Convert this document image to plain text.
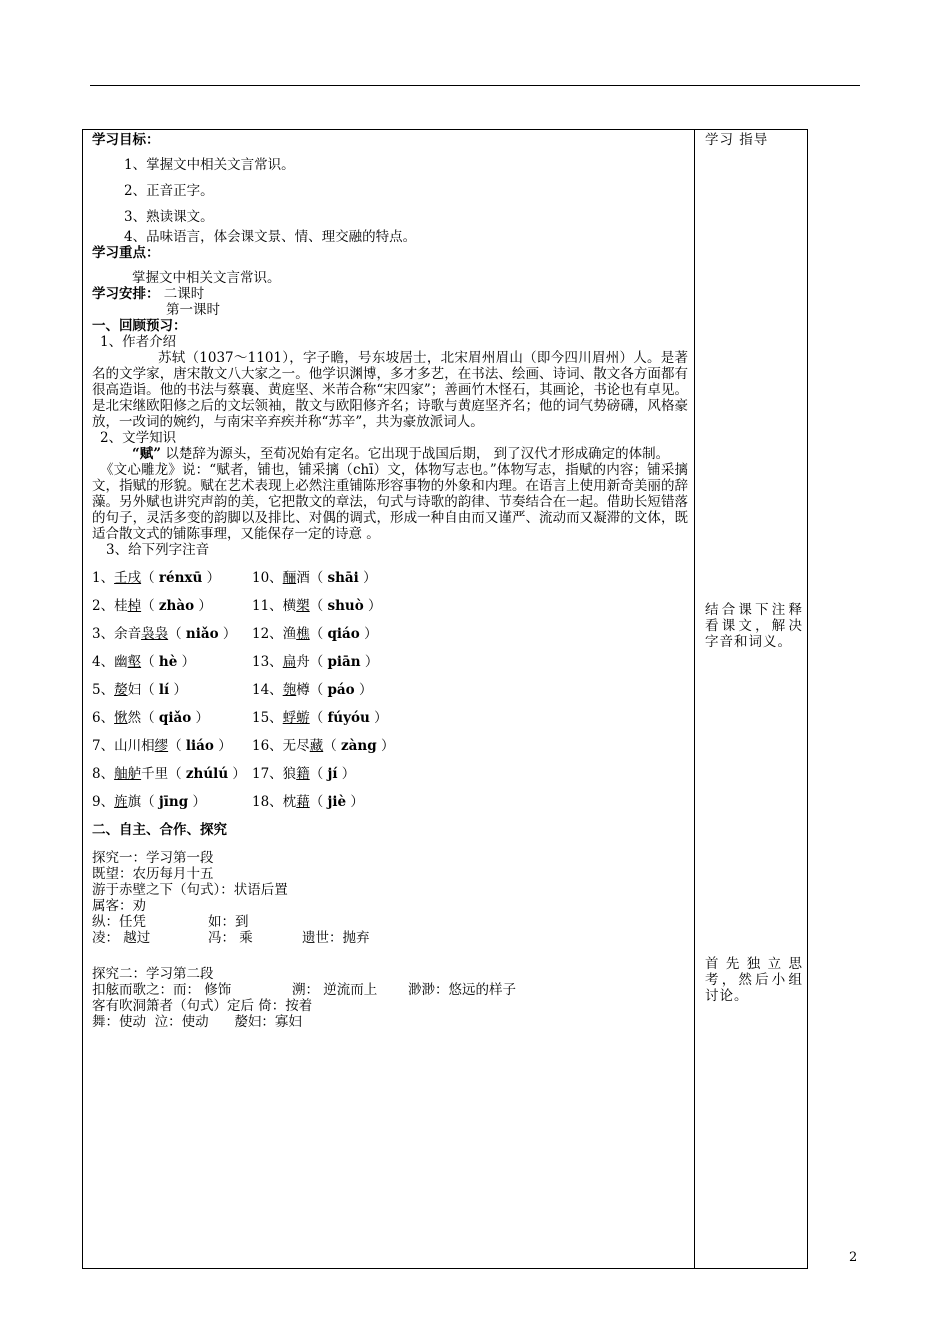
学习目标：
1、掌握文中相关文言常识。
2、正音正字。
3、熟读课文。
4、品味语言，体会课文景、情、理交融的特点。
学习重点：
掌握文中相关文言常识。
学习安排： 二课时
第一课时
一、回顾预习：
1、作者介绍
苏轼（1037～1101），字子瞻，号东坡居士，北宋眉州眉山（即今四川眉州）人。是著名的文学家，唐宋散文八大家之一。他学识渊博，多才多艺，在书法、绘画、诗词、散文各方面都有很高造诣。他的书法与蔡襄、黄庭坚、米芾合称“宋四家”；善画竹木怪石，其画论，书论也有卓见。是北宋继欧阳修之后的文坛领袖，散文与欧阳修齐名；诗歌与黄庭坚齐名；他的词气势磅礴，风格豪放，一改词的婉约，与南宋辛弃疾并称“苏辛”，共为豪放派词人。
2、文学知识
“赋” 以楚辞为源头，至荀况始有定名。它出现于战国后期， 到了汉代才形成确定的体制。
《文心雕龙》说：“赋者，铺也，铺采摛（chī）文，体物写志也。”体物写志，指赋的内容；铺采摛文，指赋的形貌。赋在艺术表现上必然注重铺陈形容事物的外象和内理。在语言上使用新奇美丽的辞藻。另外赋也讲究声韵的美，它把散文的章法，句式与诗歌的韵律、节奏结合在一起。借助长短错落的句子，灵活多变的韵脚以及排比、对偶的调式，形成一种自由而又谨严、流动而又凝滞的文体，既适合散文式的铺陈事理，又能保存一定的诗意 。
3、给下列字注音
1、壬戌（ rénxū ） 10、酾酒（ shāi ）
2、桂棹（ zhào ）	11、横槊（ shuò ）
3、余音袅袅（ niǎo ） 12、渔樵（ qiáo ）
4、幽壑（ hè ）	13、扁舟（ piān ）
5、嫠妇（ lí ）	14、匏樽（ páo ）
6、愀然（ qiǎo ）	15、蜉蝣（ fúyóu ）
7、山川相缪（ liáo ） 16、无尽藏（ zàng ）
8、舳舻千里（ zhúlú ） 17、狼籍（ jí ）
9、旌旗（ jīng ）	18、枕藉（ jiè ）
二、自主、合作、探究
探究一：学习第一段
既望：农历每月十五
游于赤壁之下（句式）：状语后置
属客：劝
纵：任凭	如：到
凌： 越过	冯： 乘	遗世：抛弃
探究二：学习第二段
扣舷而歌之：而： 修饰	溯： 逆流而上 渺渺：悠远的样子
客有吹洞箫者（句式）定后 倚：按着
舞：使动  泣：使动      嫠妇：寡妇
学习 指导
结合课下注释看课文，解决字音和词义。
首先独立思考，然后小组讨论。
2
